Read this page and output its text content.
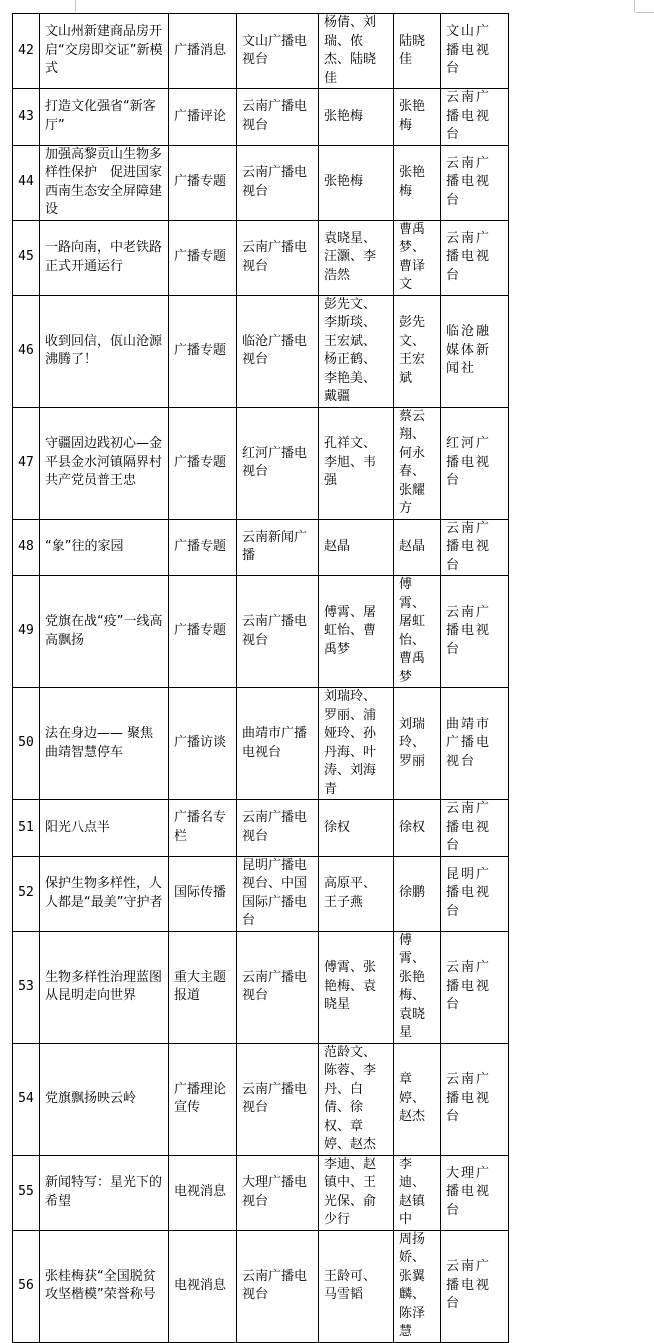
42	文山州新建商品房开启“交房即交证”新模式	广播消息	文山广播电视台	杨倩、刘瑞、侬杰、陆晓佳	陆晓佳	文山广播电视台
43	打造文化强省“新客厅”	广播评论	云南广播电视台	张艳梅	张艳梅	云南广播电视台
44	加强高黎贡山生物多样性保护　促进国家西南生态安全屏障建设	广播专题	云南广播电视台	张艳梅	张艳梅	云南广播电视台
45	一路向南，中老铁路正式开通运行	广播专题	云南广播电视台	袁晓星、汪灏、李浩然	曹禹梦、曹译文	云南广播电视台
46	收到回信，佤山沧源沸腾了！	广播专题	临沧广播电视台	彭先文、李斯琰、王宏斌、杨正鹤、李艳美、戴疆	彭先文、王宏斌	临沧融媒体新闻社
47	守疆固边践初心—金平县金水河镇隔界村共产党员普王忠	广播专题	红河广播电视台	孔祥文、李旭、韦强	蔡云翔、何永春、张耀方	红河广播电视台
48	“象”往的家园	广播专题	云南新闻广播	赵晶	赵晶	云南广播电视台
49	党旗在战“疫”一线高高飘扬	广播专题	云南广播电视台	傅霄、屠虹怡、曹禹梦	傅霄、屠虹怡、曹禹梦	云南广播电视台
50	法在身边—— 聚焦曲靖智慧停车	广播访谈	曲靖市广播电视台	刘瑞玲、罗丽、浦娅玲、孙丹海、叶涛、刘海青	刘瑞玲、罗丽	曲靖市广播电视台
51	阳光八点半	广播名专栏	云南广播电视台	徐权	徐权	云南广播电视台
52	保护生物多样性，人人都是“最美”守护者	国际传播	昆明广播电视台、中国国际广播电台	高原平、王子燕	徐鹏	昆明广播电视台
53	生物多样性治理蓝图从昆明走向世界	重大主题报道	云南广播电视台	傅霄、张艳梅、袁晓星	傅霄、张艳梅、袁晓星	云南广播电视台
54	党旗飘扬映云岭	广播理论宣传	云南广播电视台	范龄文、陈蓉、李丹、白倩、徐权、章婷、赵杰	章婷、赵杰	云南广播电视台
55	新闻特写：星光下的希望	电视消息	大理广播电视台	李迪、赵镇中、王光保、俞少行	李迪、赵镇中	大理广播电视台
56	张桂梅获“全国脱贫攻坚楷模”荣誉称号	电视消息	云南广播电视台	王龄可、马雪韬	周扬娇、张翼麟、陈泽慧	云南广播电视台
